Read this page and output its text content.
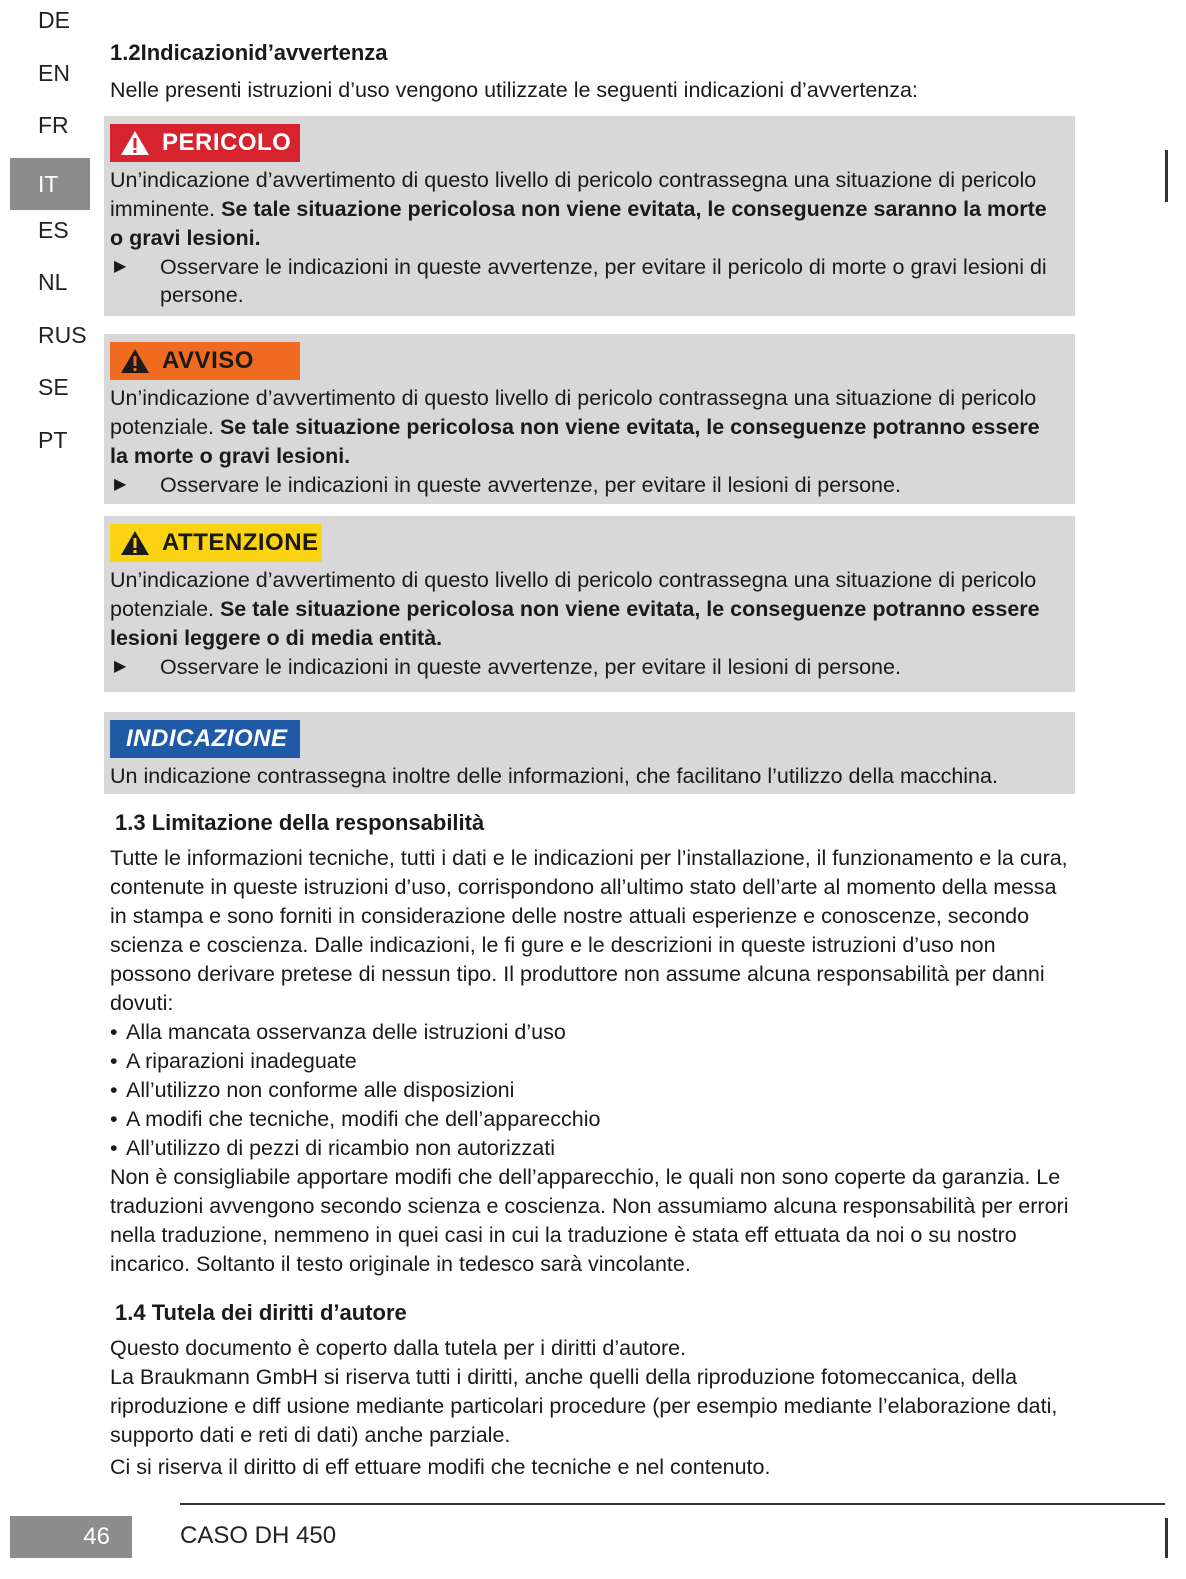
DE
EN
FR
IT
ES
NL
RUS
SE
PT
1.2Indicazionid’avvertenza

Nelle presenti istruzioni d’uso vengono utilizzate le seguenti indicazioni d’avvertenza:

PERICOLO

Un’indicazione d’avvertimento di questo livello di pericolo contrassegna una situazione di pericolo imminente. Se tale situazione pericolosa non viene evitata, le conseguenze saranno la morte o gravi lesioni.

▶	Osservare le indicazioni in queste avvertenze, per evitare il pericolo di morte o gravi lesioni di persone.
AVVISO

Un’indicazione d’avvertimento di questo livello di pericolo contrassegna una situazione di pericolo potenziale. Se tale situazione pericolosa non viene evitata, le conseguenze potranno essere la morte o gravi lesioni.

▶	Osservare le indicazioni in queste avvertenze, per evitare il lesioni di persone.
ATTENZIONE

Un’indicazione d’avvertimento di questo livello di pericolo contrassegna una situazione di pericolo potenziale. Se tale situazione pericolosa non viene evitata, le conseguenze potranno essere lesioni leggere o di media entità.

▶	Osservare le indicazioni in queste avvertenze, per evitare il lesioni di persone.
INDICAZIONE

Un indicazione contrassegna inoltre delle informazioni, che facilitano l’utilizzo della macchina.

1.3 Limitazione della responsabilità

Tutte le informazioni tecniche, tutti i dati e le indicazioni per l’installazione, il funzionamento e la cura, contenute in queste istruzioni d’uso, corrispondono all’ultimo stato dell’arte al momento della messa in stampa e sono forniti in considerazione delle nostre attuali esperienze e conoscenze, secondo scienza e coscienza. Dalle indicazioni, le fi gure e le descrizioni in queste istruzioni d’uso non possono derivare pretese di nessun tipo. Il produttore non assume alcuna responsabilità per danni dovuti:

• Alla mancata osservanza delle istruzioni d’uso
• A riparazioni inadeguate
• All’utilizzo non conforme alle disposizioni
• A modifi che tecniche, modifi che dell’apparecchio
• All’utilizzo di pezzi di ricambio non autorizzati

Non è consigliabile apportare modifi che dell’apparecchio, le quali non sono coperte da garanzia. Le traduzioni avvengono secondo scienza e coscienza. Non assumiamo alcuna responsabilità per errori nella traduzione, nemmeno in quei casi in cui la traduzione è stata eff ettuata da noi o su nostro incarico. Soltanto il testo originale in tedesco sarà vincolante.

1.4 Tutela dei diritti d’autore

Questo documento è coperto dalla tutela per i diritti d’autore.

La Braukmann GmbH si riserva tutti i diritti, anche quelli della riproduzione fotomeccanica, della riproduzione e diff usione mediante particolari procedure (per esempio mediante l’elaborazione dati, supporto dati e reti di dati) anche parziale.

Ci si riserva il diritto di eff ettuare modifi che tecniche e nel contenuto.

46	CASO DH 450
